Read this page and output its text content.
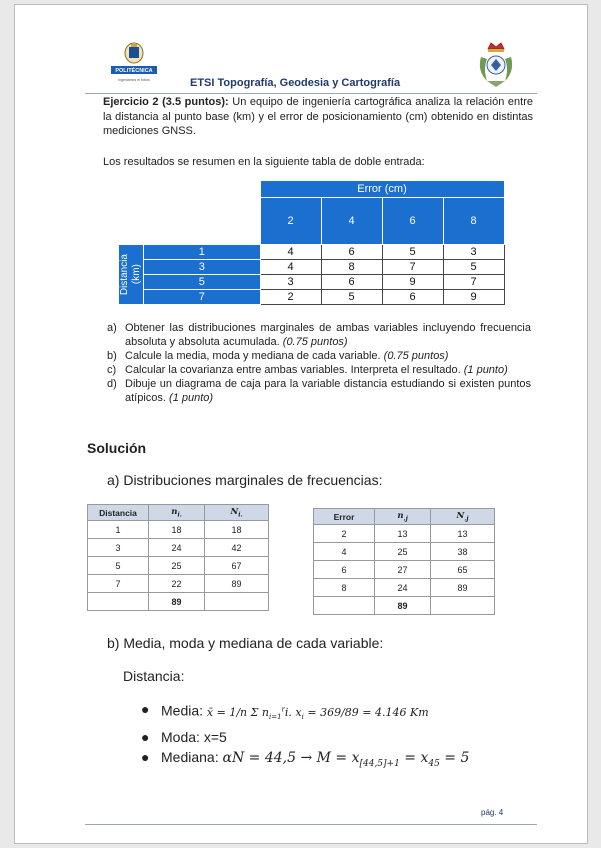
POLITÉCNICA
Ingeniamos el futuro	ETSI Topografía, Geodesia y Cartografía

Ejercicio 2 (3.5 puntos): Un equipo de ingeniería cartográfica analiza la relación entre la distancia al punto base (km) y el error de posicionamiento (cm) obtenido en distintas mediciones GNSS.

Los resultados se resumen en la siguiente tabla de doble entrada:

		Error (cm)			
		2	4	6	8

Distancia
(km)	1	4	6	5	3
	3	4	8	7	5
	5	3	6	9	7
	7	2	5	6	9
a) Obtener las distribuciones marginales de ambas variables incluyendo frecuencia absoluta y absoluta acumulada. (0.75 puntos)
b) Calcule la media, moda y mediana de cada variable. (0.75 puntos)
c) Calcular la covarianza entre ambas variables. Interpreta el resultado. (1 punto)
d) Dibuje un diagrama de caja para la variable distancia estudiando si existen puntos atípicos. (1 punto)
Solución
a) Distribuciones marginales de frecuencias:
Distancia	$n_{i.}$	$N_{i.}$
1	18	18
3	24	42
5	25	67
7	22	89
	89	
Error	$n_{.j}$	$N_{.j}$
2	13	13
4	25	38
6	27	65
8	24	89
	89	
b) Media, moda y mediana de cada variable:
Distancia:
● Media: x̄ = 1/n Σ $n_{i=1}^ri$. $x_i = 369/89 = 4.146$ Km
● Moda: x=5
● Mediana: $\alpha N = 44,5 \to M = x_{[44,5]+1} = x_{45} = 5$
pág. 4
